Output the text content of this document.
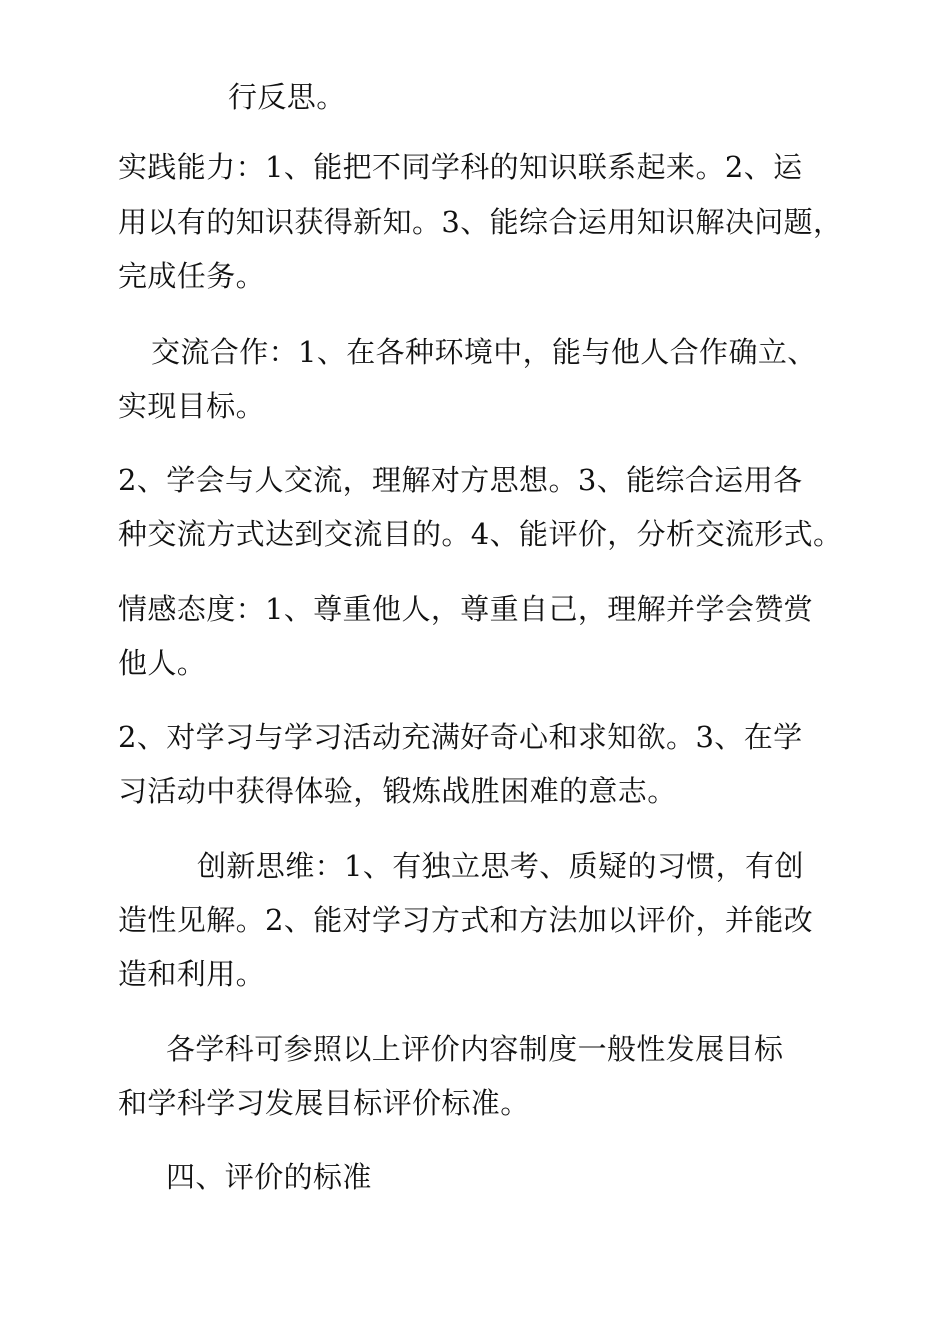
行反思。
实践能力：1、能把不同学科的知识联系起来。2、运
用以有的知识获得新知。3、能综合运用知识解决问题，
完成任务。
交流合作：1、在各种环境中，能与他人合作确立、
实现目标。
2、学会与人交流，理解对方思想。3、能综合运用各
种交流方式达到交流目的。4、能评价，分析交流形式。
情感态度：1、尊重他人，尊重自己，理解并学会赞赏
他人。
2、对学习与学习活动充满好奇心和求知欲。3、在学
习活动中获得体验，锻炼战胜困难的意志。
创新思维：1、有独立思考、质疑的习惯，有创
造性见解。2、能对学习方式和方法加以评价，并能改
造和利用。
各学科可参照以上评价内容制度一般性发展目标
和学科学习发展目标评价标准。
四、评价的标准
